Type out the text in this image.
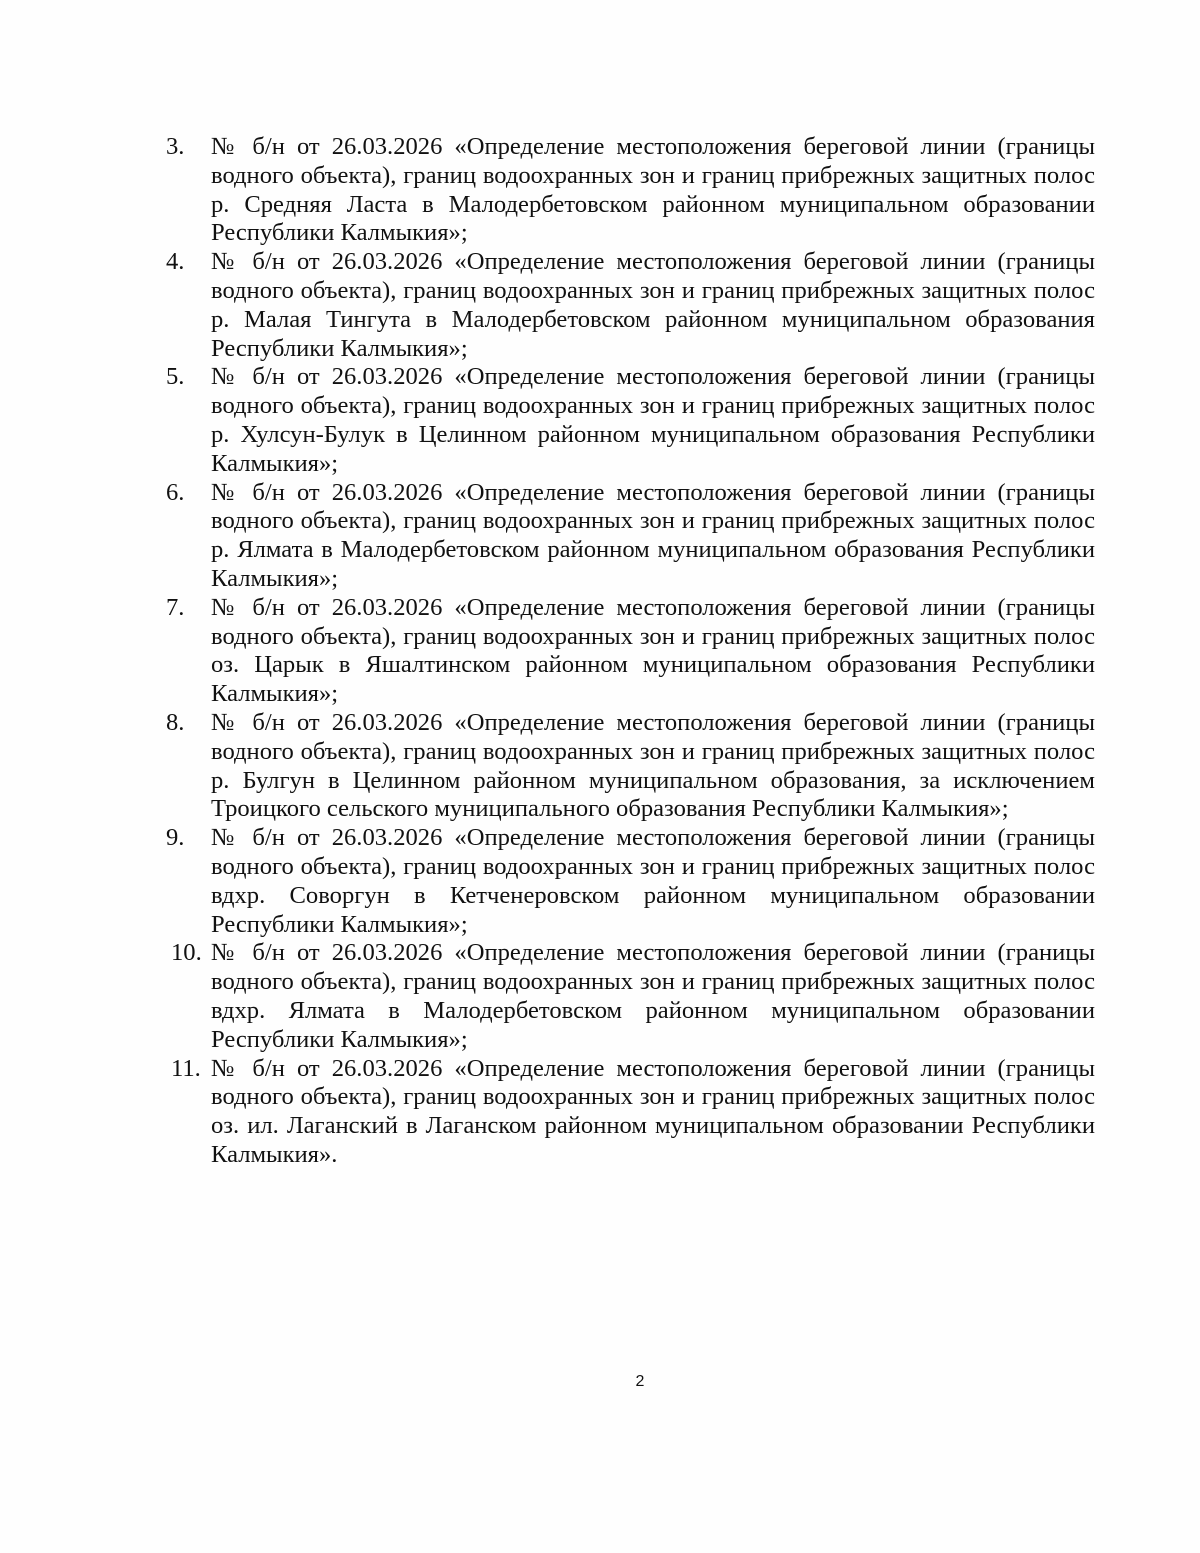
3.	№ б/н от 26.03.2026 «Определение местоположения береговой линии (границы водного объекта), границ водоохранных зон и границ прибрежных защитных полос р. Средняя Ласта в Малодербетовском районном муниципальном образовании Республики Калмыкия»;
4.	№ б/н от 26.03.2026 «Определение местоположения береговой линии (границы водного объекта), границ водоохранных зон и границ прибрежных защитных полос р. Малая Тингута в Малодербетовском районном муниципальном образования Республики Калмыкия»;
5.	№ б/н от 26.03.2026 «Определение местоположения береговой линии (границы водного объекта), границ водоохранных зон и границ прибрежных защитных полос р. Хулсун-Булук в Целинном районном муниципальном образования Республики Калмыкия»;
6.	№ б/н от 26.03.2026 «Определение местоположения береговой линии (границы водного объекта), границ водоохранных зон и границ прибрежных защитных полос р. Ялмата в Малодербетовском районном муниципальном образования Республики Калмыкия»;
7.	№ б/н от 26.03.2026 «Определение местоположения береговой линии (границы водного объекта), границ водоохранных зон и границ прибрежных защитных полос оз. Царык в Яшалтинском районном муниципальном образования Республики Калмыкия»;
8.	№ б/н от 26.03.2026 «Определение местоположения береговой линии (границы водного объекта), границ водоохранных зон и границ прибрежных защитных полос р. Булгун в Целинном районном муниципальном образования, за исключением Троицкого сельского муниципального образования Республики Калмыкия»;
9.	№ б/н от 26.03.2026 «Определение местоположения береговой линии (границы водного объекта), границ водоохранных зон и границ прибрежных защитных полос вдхр. Соворгун в Кетченеровском районном муниципальном образовании Республики Калмыкия»;
10. № б/н от 26.03.2026 «Определение местоположения береговой линии (границы водного объекта), границ водоохранных зон и границ прибрежных защитных полос вдхр. Ялмата в Малодербетовском районном муниципальном образовании Республики Калмыкия»;
11. № б/н от 26.03.2026 «Определение местоположения береговой линии (границы водного объекта), границ водоохранных зон и границ прибрежных защитных полос оз. ил. Лаганский в Лаганском районном муниципальном образовании Республики Калмыкия».
2
